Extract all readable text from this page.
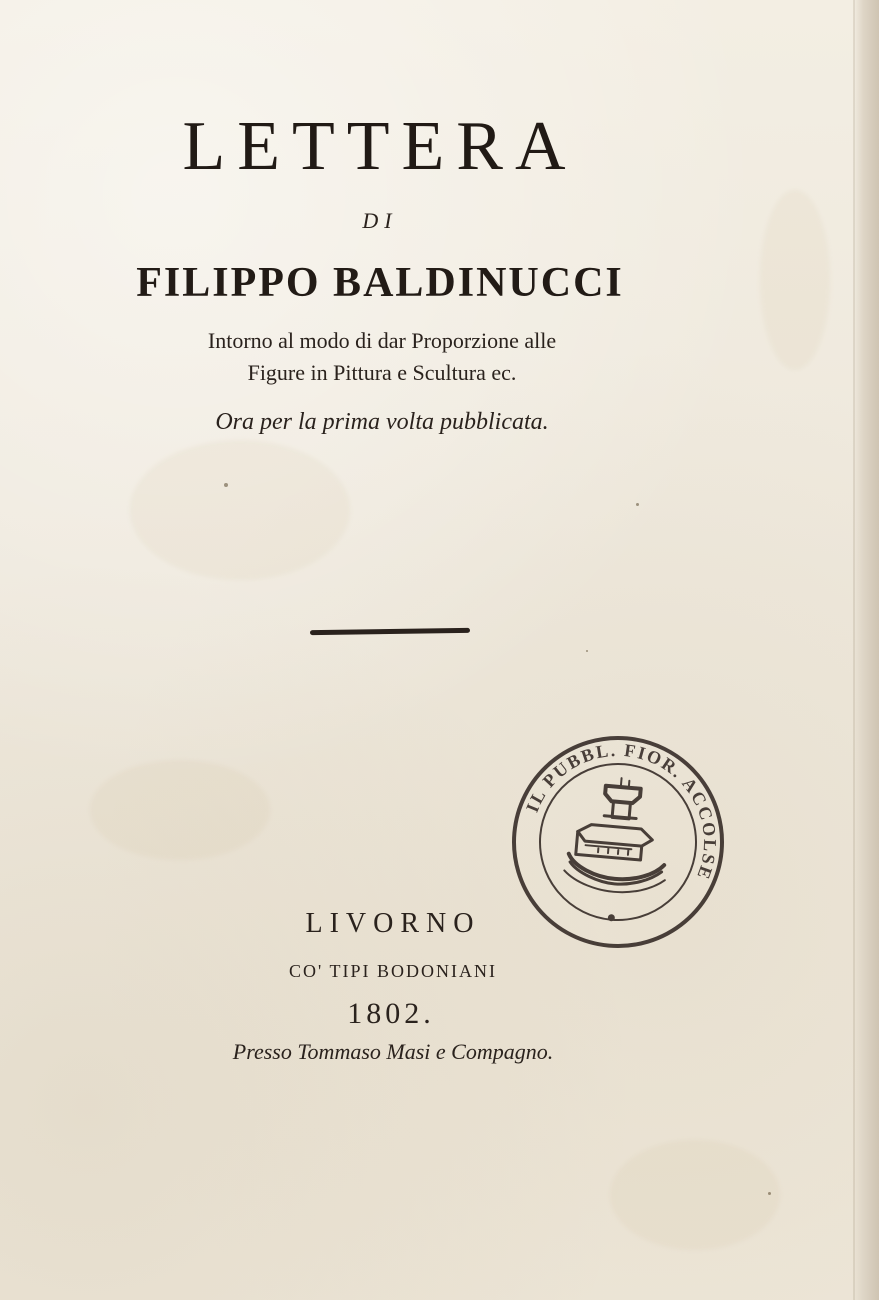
LETTERA
DI
FILIPPO BALDINUCCI
Intorno al modo di dar Proporzione alle
Figure in Pittura e Scultura ec.
Ora per la prima volta pubblicata.
IL PUBBL. FIOR. ACCOLSE
LIVORNO
CO' TIPI BODONIANI
1802.
Presso Tommaso Masi e Compagno.
